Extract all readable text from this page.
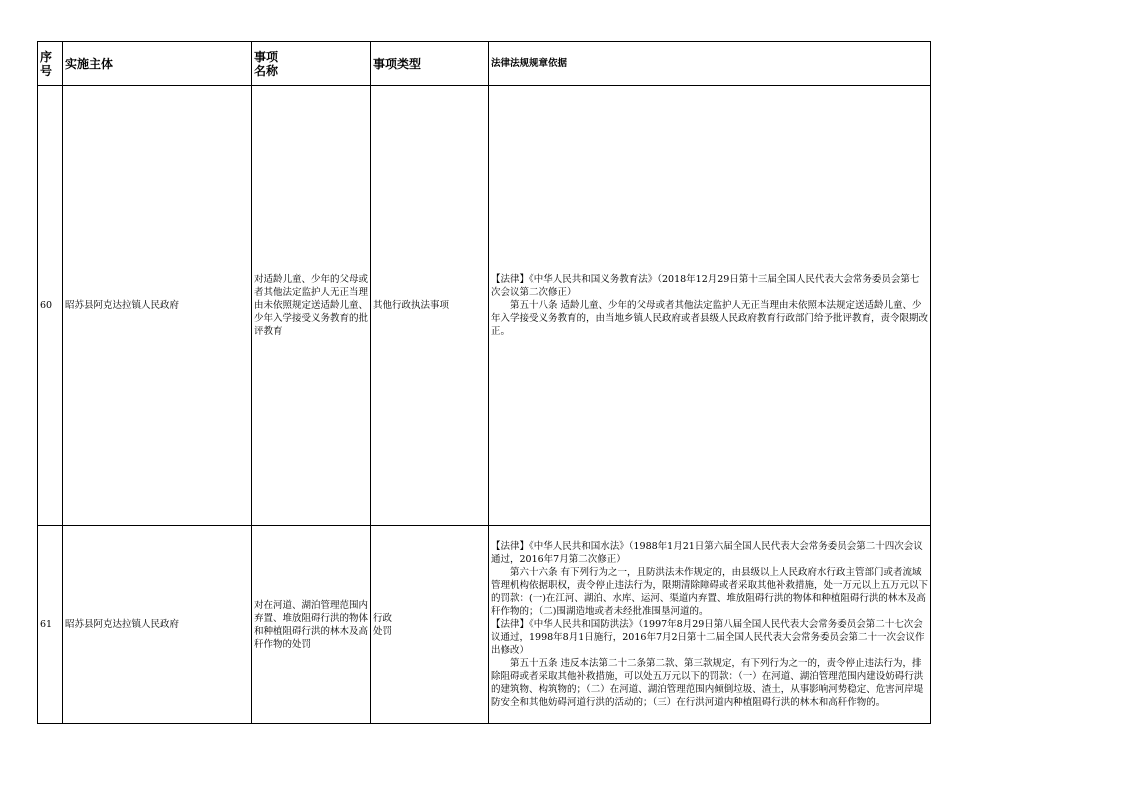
序号	实施主体	事项名称	事项类型	法律法规规章依据
60	昭苏县阿克达拉镇人民政府	对适龄儿童、少年的父母或者其他法定监护人无正当理由未依照规定送适龄儿童、少年入学接受义务教育的批评教育	其他行政执法事项	【法律】《中华人民共和国义务教育法》（2018年12月29日第十三届全国人民代表大会常务委员会第七次会议第二次修正）

第五十八条 适龄儿童、少年的父母或者其他法定监护人无正当理由未依照本法规定送适龄儿童、少年入学接受义务教育的，由当地乡镇人民政府或者县级人民政府教育行政部门给予批评教育，责令限期改正。

61	昭苏县阿克达拉镇人民政府	对在河道、湖泊管理范围内弃置、堆放阻碍行洪的物体和种植阻碍行洪的林木及高秆作物的处罚	行政处罚	【法律】《中华人民共和国水法》（1988年1月21日第六届全国人民代表大会常务委员会第二十四次会议通过，2016年7月第二次修正）

第六十六条 有下列行为之一，且防洪法未作规定的，由县级以上人民政府水行政主管部门或者流域管理机构依据职权，责令停止违法行为，限期清除障碍或者采取其他补救措施，处一万元以上五万元以下的罚款：(一)在江河、湖泊、水库、运河、渠道内弃置、堆放阻碍行洪的物体和种植阻碍行洪的林木及高秆作物的；（二)围湖造地或者未经批准围垦河道的。

【法律】《中华人民共和国防洪法》（1997年8月29日第八届全国人民代表大会常务委员会第二十七次会议通过，1998年8月1日施行，2016年7月2日第十二届全国人民代表大会常务委员会第二十一次会议作出修改）

第五十五条 违反本法第二十二条第二款、第三款规定，有下列行为之一的，责令停止违法行为，排除阻碍或者采取其他补救措施，可以处五万元以下的罚款：（一）在河道、湖泊管理范围内建设妨碍行洪的建筑物、构筑物的；（二）在河道、湖泊管理范围内倾倒垃圾、渣土，从事影响河势稳定、危害河岸堤防安全和其他妨碍河道行洪的活动的；（三）在行洪河道内种植阻碍行洪的林木和高秆作物的。
